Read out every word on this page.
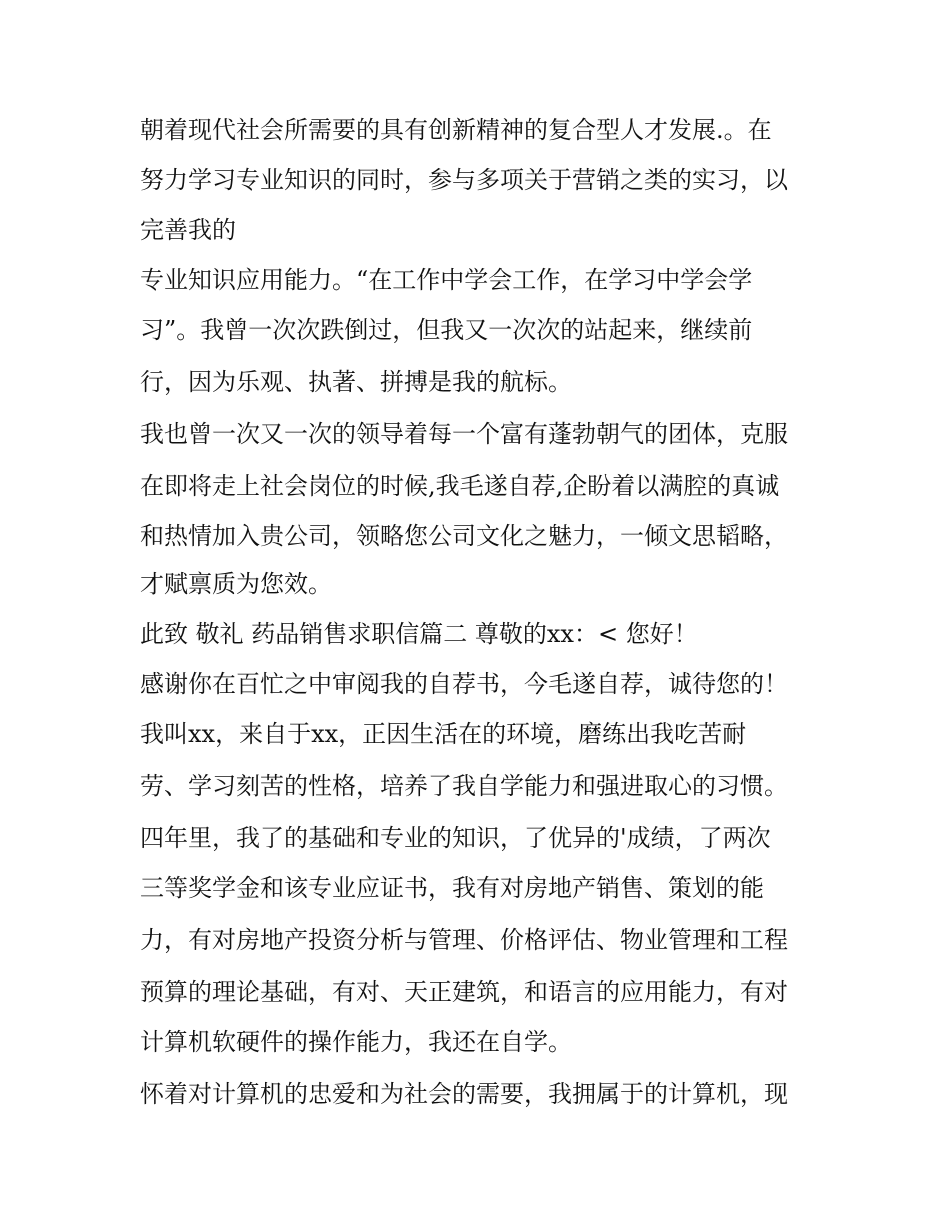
朝着现代社会所需要的具有创新精神的复合型人才发展.。在
努力学习专业知识的同时，参与多项关于营销之类的实习，以
完善我的
专业知识应用能力。“在工作中学会工作，在学习中学会学
习”。我曾一次次跌倒过，但我又一次次的站起来，继续前
行，因为乐观、执著、拼搏是我的航标。
我也曾一次又一次的领导着每一个富有蓬勃朝气的团体，克服
在即将走上社会岗位的时候,我毛遂自荐,企盼着以满腔的真诚
和热情加入贵公司，领略您公司文化之魅力，一倾文思韬略，
才赋禀质为您效。
此致 敬礼 药品销售求职信篇二 尊敬的xx：< 您好！
感谢你在百忙之中审阅我的自荐书，今毛遂自荐，诚待您的！
我叫xx，来自于xx，正因生活在的环境，磨练出我吃苦耐
劳、学习刻苦的性格，培养了我自学能力和强进取心的习惯。
四年里，我了的基础和专业的知识，了优异的'成绩，了两次
三等奖学金和该专业应证书，我有对房地产销售、策划的能
力，有对房地产投资分析与管理、价格评估、物业管理和工程
预算的理论基础，有对、天正建筑，和语言的应用能力，有对
计算机软硬件的操作能力，我还在自学。
怀着对计算机的忠爱和为社会的需要，我拥属于的计算机，现
